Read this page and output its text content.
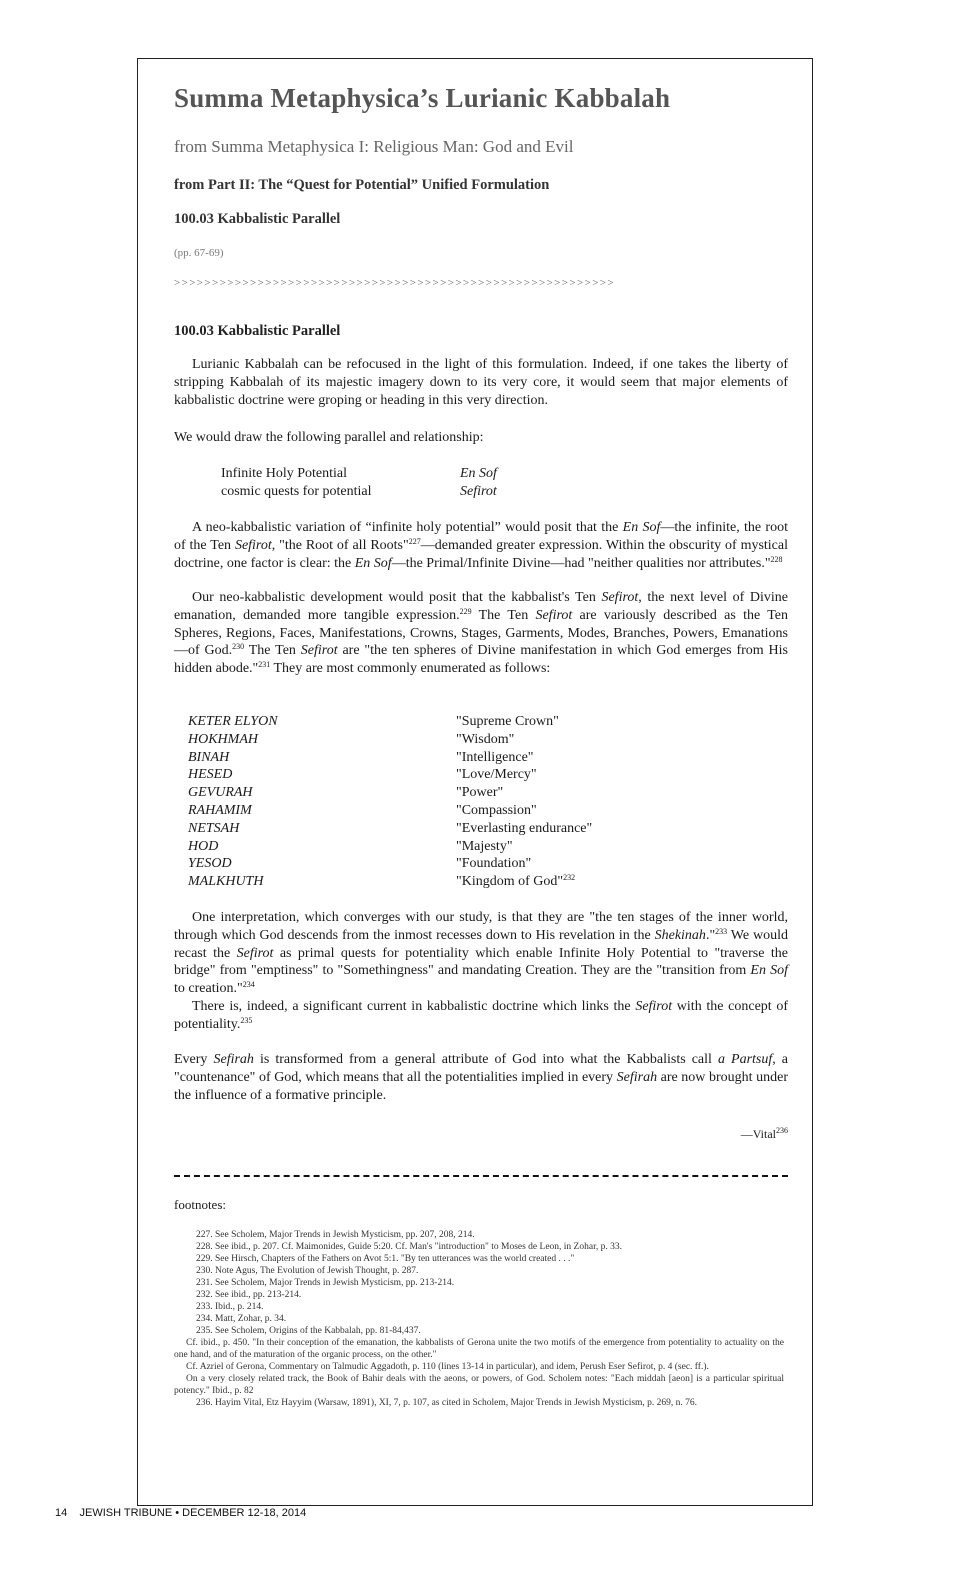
Summa Metaphysica’s Lurianic Kabbalah
from Summa Metaphysica I: Religious Man: God and Evil
from Part II: The “Quest for Potential” Unified Formulation
100.03 Kabbalistic Parallel
(pp. 67-69)
>>>>>>>>>>>>>>>>>>>>>>>>>>>>>>>>>>>>>>>>>>>>>>>>>>>>>>>>>>
100.03 Kabbalistic Parallel
Lurianic Kabbalah can be refocused in the light of this formulation. Indeed, if one takes the liberty of stripping Kabbalah of its majestic imagery down to its very core, it would seem that major elements of kabbalistic doctrine were groping or heading in this very direction.
We would draw the following parallel and relationship:
Infinite Holy Potential	En Sof
cosmic quests for potential	Sefirot
A neo-kabbalistic variation of “infinite holy potential” would posit that the En Sof—the infinite, the root of the Ten Sefirot, "the Root of all Roots"$^{227}$—demanded greater expression. Within the obscurity of mystical doctrine, one factor is clear: the En Sof—the Primal/Infinite Divine—had "neither qualities nor attributes."$^{228}$
Our neo-kabbalistic development would posit that the kabbalist's Ten Sefirot, the next level of Divine emanation, demanded more tangible expression.$^{229}$ The Ten Sefirot are variously described as the Ten Spheres, Regions, Faces, Manifestations, Crowns, Stages, Garments, Modes, Branches, Powers, Emanations—of God.$^{230}$ The Ten Sefirot are "the ten spheres of Divine manifestation in which God emerges from His hidden abode."$^{231}$ They are most commonly enumerated as follows:
KETER ELYON	"Supreme Crown"
HOKHMAH	"Wisdom"
BINAH	"Intelligence"
HESED	"Love/Mercy"
GEVURAH	"Power"
RAHAMIM	"Compassion"
NETSAH	"Everlasting endurance"
HOD	"Majesty"
YESOD	"Foundation"
MALKHUTH	"Kingdom of God"$^{232}$
One interpretation, which converges with our study, is that they are "the ten stages of the inner world, through which God descends from the inmost recesses down to His revelation in the Shekinah."$^{233}$ We would recast the Sefirot as primal quests for potentiality which enable Infinite Holy Potential to "traverse the bridge" from "emptiness" to "Somethingness" and mandating Creation. They are the "transition from En Sof to creation."$^{234}$
There is, indeed, a significant current in kabbalistic doctrine which links the Sefirot with the concept of potentiality.$^{235}$
Every Sefirah is transformed from a general attribute of God into what the Kabbalists call a Partsuf, a "countenance" of God, which means that all the potentialities implied in every Sefirah are now brought under the influence of a formative principle.
—Vital$^{236}$
footnotes:
227. See Scholem, Major Trends in Jewish Mysticism, pp. 207, 208, 214.
228. See ibid., p. 207. Cf. Maimonides, Guide 5:20. Cf. Man's "introduction" to Moses de Leon, in Zohar, p. 33.
229. See Hirsch, Chapters of the Fathers on Avot 5:1. "By ten utterances was the world created . . ."
230. Note Agus, The Evolution of Jewish Thought, p. 287.
231. See Scholem, Major Trends in Jewish Mysticism, pp. 213-214.
232. See ibid., pp. 213-214.
233. Ibid., p. 214.
234. Matt, Zohar, p. 34.
235. See Scholem, Origins of the Kabbalah, pp. 81-84,437.
Cf. ibid., p. 450. "In their conception of the emanation, the kabbalists of Gerona unite the two motifs of the emergence from potentiality to actuality on the one hand, and of the maturation of the organic process, on the other."
Cf. Azriel of Gerona, Commentary on Talmudic Aggadoth, p. 110 (lines 13-14 in particular), and idem, Perush Eser Sefirot, p. 4 (sec. ff.).
On a very closely related track, the Book of Bahir deals with the aeons, or powers, of God. Scholem notes: "Each middah [aeon] is a particular spiritual potency." Ibid., p. 82
236. Hayim Vital, Etz Hayyim (Warsaw, 1891), XI, 7, p. 107, as cited in Scholem, Major Trends in Jewish Mysticism, p. 269, n. 76.
14 JEWISH TRIBUNE • DECEMBER 12-18, 2014
